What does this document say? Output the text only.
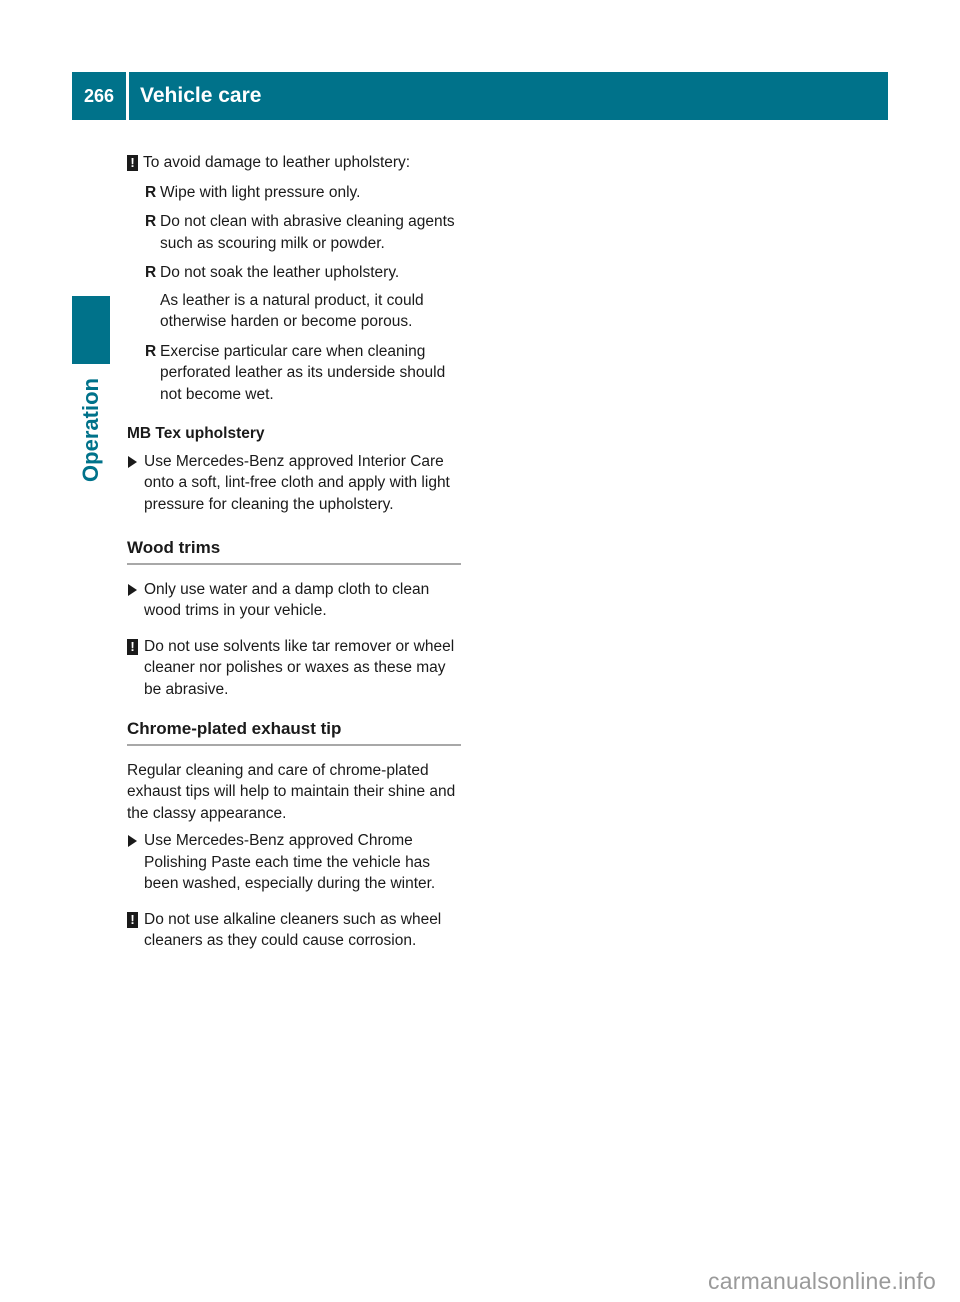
266	Vehicle care
Operation
! To avoid damage to leather upholstery:
R Wipe with light pressure only.
R Do not clean with abrasive cleaning agents such as scouring milk or powder.
R Do not soak the leather upholstery.
As leather is a natural product, it could otherwise harden or become porous.
R Exercise particular care when cleaning perforated leather as its underside should not become wet.
MB Tex upholstery
Use Mercedes-Benz approved Interior Care onto a soft, lint-free cloth and apply with light pressure for cleaning the upholstery.
Wood trims
Only use water and a damp cloth to clean wood trims in your vehicle.
! Do not use solvents like tar remover or wheel cleaner nor polishes or waxes as these may be abrasive.
Chrome-plated exhaust tip
Regular cleaning and care of chrome-plated exhaust tips will help to maintain their shine and the classy appearance.
Use Mercedes-Benz approved Chrome Polishing Paste each time the vehicle has been washed, especially during the winter.
! Do not use alkaline cleaners such as wheel cleaners as they could cause corrosion.
carmanualsonline.info
